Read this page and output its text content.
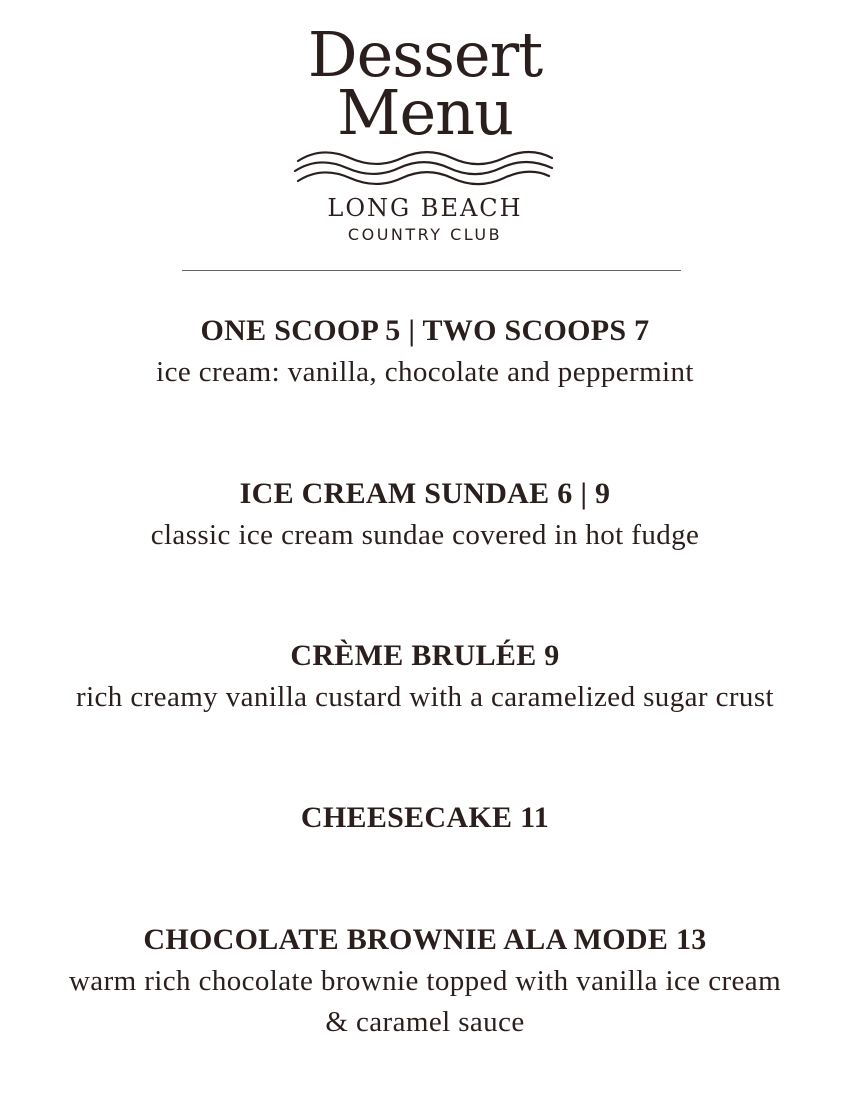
Dessert
Menu
LONG BEACH
COUNTRY CLUB
ONE SCOOP 5 | TWO SCOOPS 7
ice cream: vanilla, chocolate and peppermint
ICE CREAM SUNDAE 6 | 9
classic ice cream sundae covered in hot fudge
CRÈME BRULÉE 9
rich creamy vanilla custard with a caramelized sugar crust
CHEESECAKE 11
CHOCOLATE BROWNIE ALA MODE 13
warm rich chocolate brownie topped with vanilla ice cream
& caramel sauce
